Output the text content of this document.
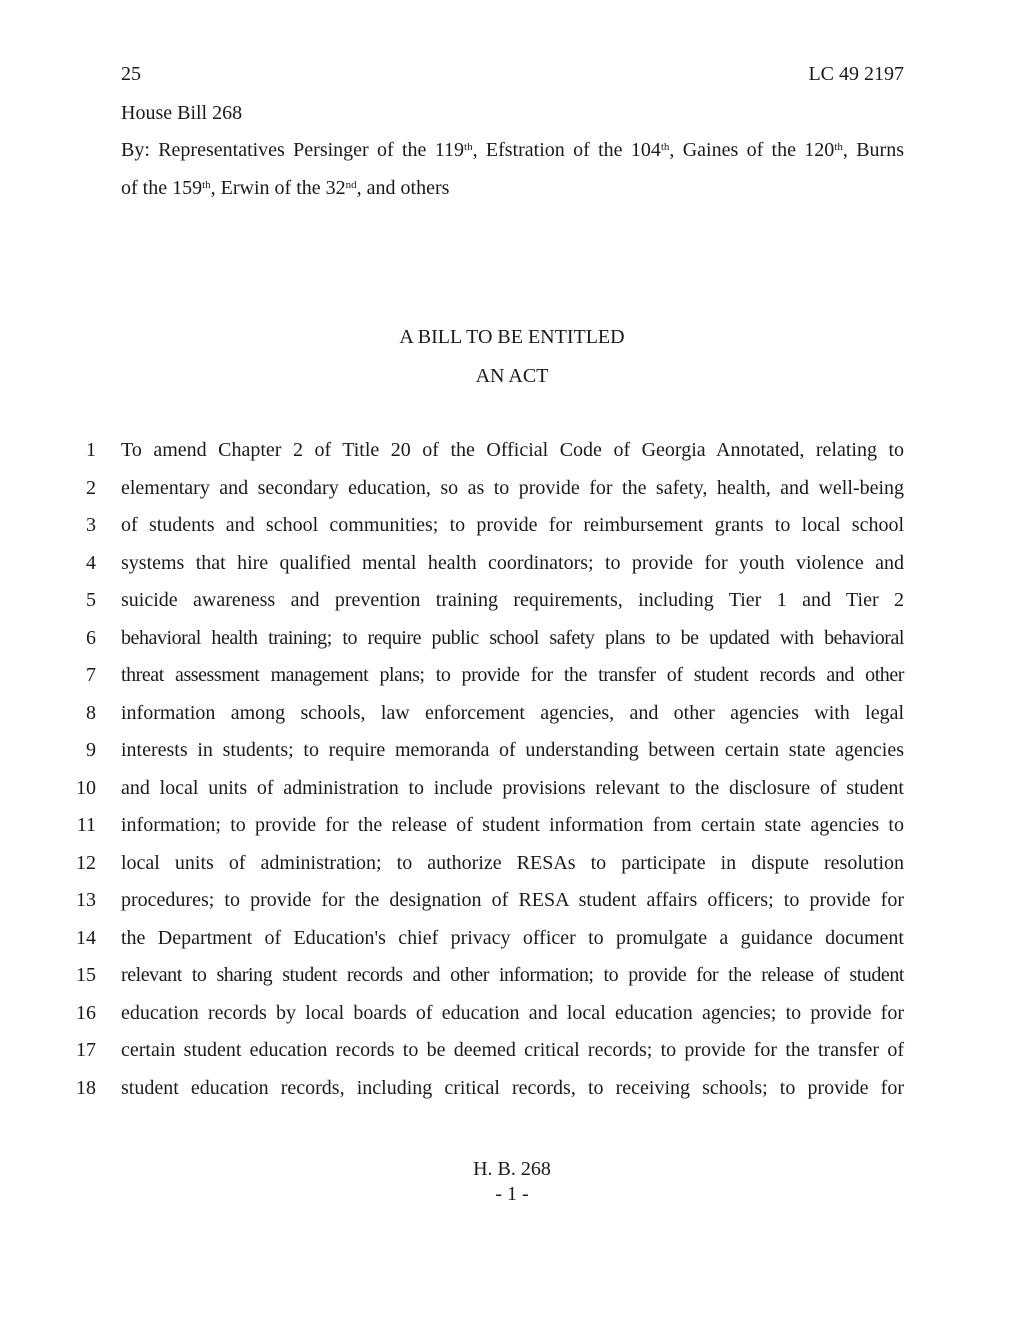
25	LC 49 2197
House Bill 268
By: Representatives Persinger of the 119th, Efstration of the 104th, Gaines of the 120th, Burns
of the 159th, Erwin of the 32nd, and others
A BILL TO BE ENTITLED
AN ACT
1 To amend Chapter 2 of Title 20 of the Official Code of Georgia Annotated, relating to
2 elementary and secondary education, so as to provide for the safety, health, and well-being
3 of students and school communities; to provide for reimbursement grants to local school
4 systems that hire qualified mental health coordinators; to provide for youth violence and
5 suicide awareness and prevention training requirements, including Tier 1 and Tier 2
6 behavioral health training; to require public school safety plans to be updated with behavioral
7 threat assessment management plans; to provide for the transfer of student records and other
8 information among schools, law enforcement agencies, and other agencies with legal
9 interests in students; to require memoranda of understanding between certain state agencies
10 and local units of administration to include provisions relevant to the disclosure of student
11 information; to provide for the release of student information from certain state agencies to
12 local units of administration; to authorize RESAs to participate in dispute resolution
13 procedures; to provide for the designation of RESA student affairs officers; to provide for
14 the Department of Education's chief privacy officer to promulgate a guidance document
15 relevant to sharing student records and other information; to provide for the release of student
16 education records by local boards of education and local education agencies; to provide for
17 certain student education records to be deemed critical records; to provide for the transfer of
18 student education records, including critical records, to receiving schools; to provide for
H. B. 268
- 1 -
